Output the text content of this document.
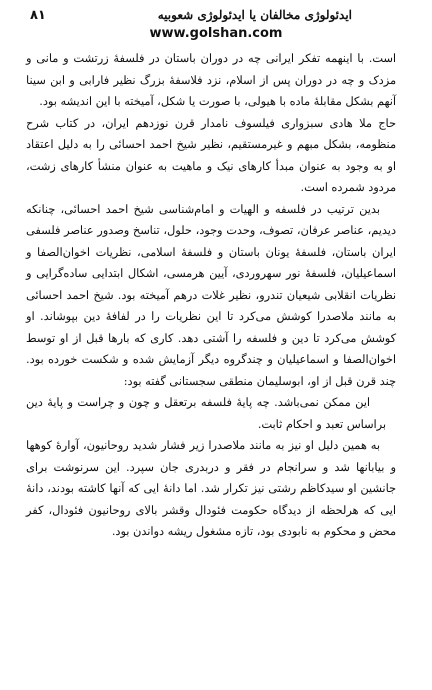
۸۱	ایدئولوژی مخالفان یا ایدئولوژی شعوبیه
www.golshan.com

است. با اینهمه تفکر ایرانی چه در دوران باستان در فلسفهٔ زرتشت و مانی و مزدک و چه در دوران پس از اسلام، نزد فلاسفهٔ بزرگ نظیر فارابی و ابن سینا آنهم بشکل مقابلهٔ ماده با هیولی، با صورت یا شکل، آمیخته با این اندیشه بود.

حاج ملا هادی سبزواری فیلسوف نامدار قرن نوزدهم ایران، در کتاب شرح منظومه، بشکل مبهم و غیرمستقیم، نظیر شیخ احمد احسائی را به دلیل اعتقاد او به وجود به عنوان مبدأ کارهای نیک و ماهیت به عنوان منشأ کارهای زشت، مردود شمرده است.

بدین ترتیب در فلسفه و الهیات و امام‌شناسی شیخ احمد احسائی، چنانکه دیدیم، عناصر عرفان، تصوف، وحدت وجود، حلول، تناسخ وصدور عناصر فلسفی ایران باستان، فلسفهٔ یونان باستان و فلسفهٔ اسلامی، نظریات اخوان‌الصفا و اسماعیلیان، فلسفهٔ نور سهروردی، آیین هرمسی، اشکال ابتدایی ساده‌گرایی و نظریات انقلابی شیعیان تندرو، نظیر غلات درهم آمیخته بود. شیخ احمد احسائی به مانند ملاصدرا کوشش می‌کرد تا این نظریات را در لفافهٔ دین بپوشاند. او کوشش می‌کرد تا دین و فلسفه را آشتی دهد. کاری که بارها قبل از او توسط اخوان‌الصفا و اسماعیلیان و چندگروه دیگر آزمایش شده و شکست خورده بود. چند قرن قبل از او، ابوسلیمان منطقی سجستانی گفته بود:

این ممکن نمی‌باشد. چه پایهٔ فلسفه برتعقل و چون و چراست و پایهٔ دین براساس تعبد و احکام ثابت.

به همین دلیل او نیز به مانند ملاصدرا زیر فشار شدید روحانیون، آوارهٔ کوهها و بیابانها شد و سرانجام در فقر و دربدری جان سپرد. این سرنوشت برای جانشین او سیدکاظم رشتی نیز تکرار شد. اما دانهٔ ایی که آنها کاشته بودند، دانهٔ ایی که هرلحظه از دیدگاه حکومت فئودال وقشر بالای روحانیون فئودال، کفر محض و محکوم به نابودی بود، تازه مشغول ریشه دواندن بود.
